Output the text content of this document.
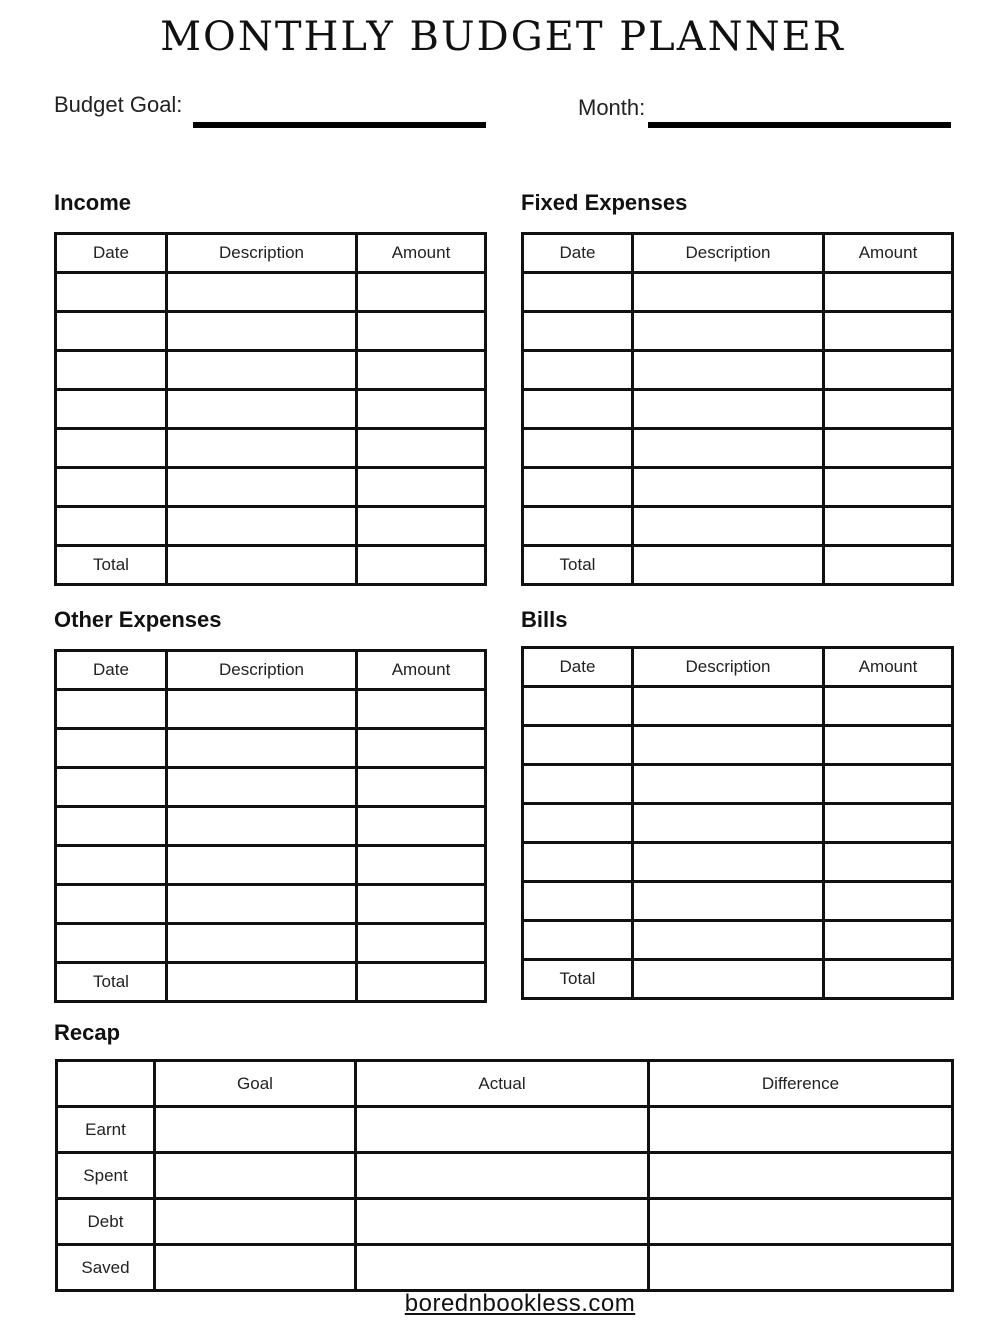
MONTHLY BUDGET PLANNER
Budget Goal:	Month:
Income
Date	Description	Amount

Total		
Fixed Expenses
Date	Description	Amount

Total		
Other Expenses
Date	Description	Amount

Total		
Bills
Date	Description	Amount

Total		
Recap
	Goal	Actual	Difference
Earnt			
Spent			
Debt			
Saved			
borednbookless.com
